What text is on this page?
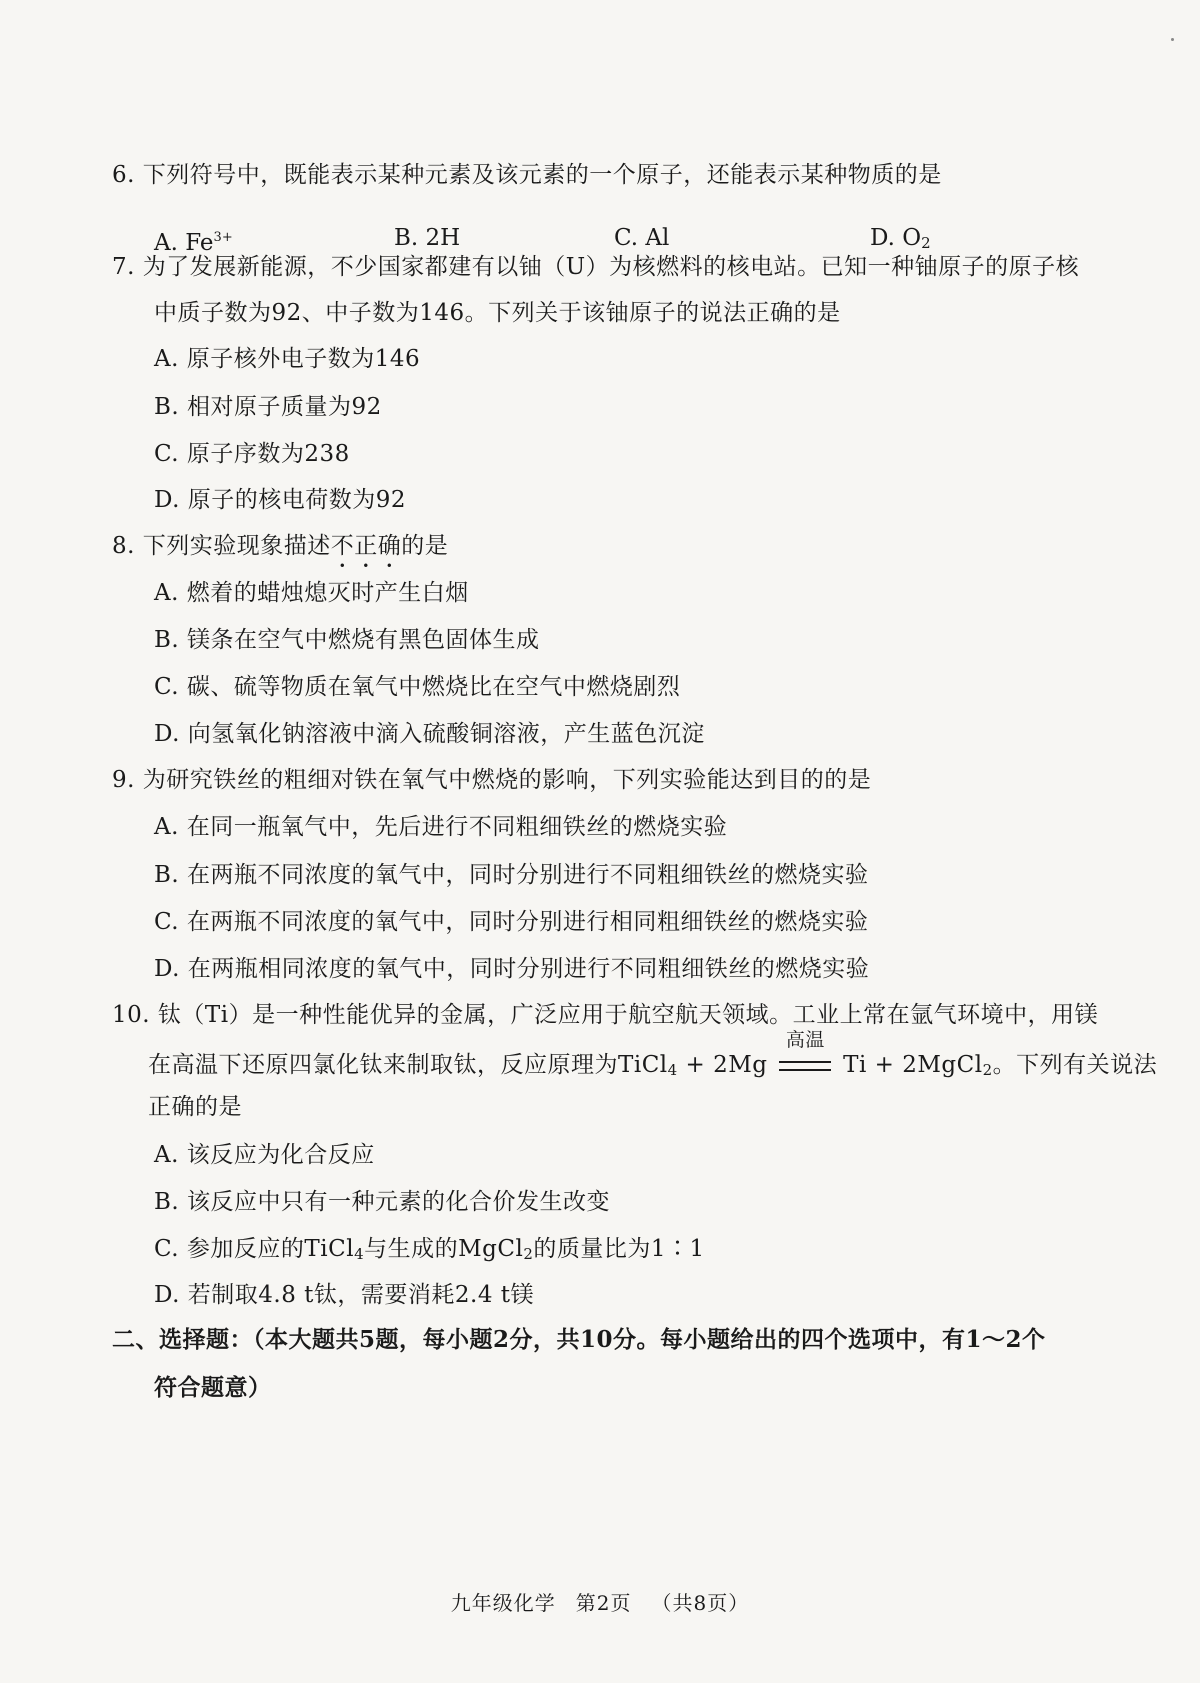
6. 下列符号中，既能表示某种元素及该元素的一个原子，还能表示某种物质的是
A. $Fe^{3+}$	B. 2H	C. Al	D. $O_2$
7. 为了发展新能源，不少国家都建有以铀（U）为核燃料的核电站。已知一种铀原子的原子核
中质子数为92、中子数为146。下列关于该铀原子的说法正确的是
A. 原子核外电子数为146
B. 相对原子质量为92
C. 原子序数为238
D. 原子的核电荷数为92
8. 下列实验现象描述不正确的是
A. 燃着的蜡烛熄灭时产生白烟
B. 镁条在空气中燃烧有黑色固体生成
C. 碳、硫等物质在氧气中燃烧比在空气中燃烧剧烈
D. 向氢氧化钠溶液中滴入硫酸铜溶液，产生蓝色沉淀
9. 为研究铁丝的粗细对铁在氧气中燃烧的影响，下列实验能达到目的的是
A. 在同一瓶氧气中，先后进行不同粗细铁丝的燃烧实验
B. 在两瓶不同浓度的氧气中，同时分别进行不同粗细铁丝的燃烧实验
C. 在两瓶不同浓度的氧气中，同时分别进行相同粗细铁丝的燃烧实验
D. 在两瓶相同浓度的氧气中，同时分别进行不同粗细铁丝的燃烧实验
10. 钛（Ti）是一种性能优异的金属，广泛应用于航空航天领域。工业上常在氩气环境中，用镁
在高温下还原四氯化钛来制取钛，反应原理为TiCl$_4$ + 2Mg
高温
Ti + 2MgCl$_2$。下列有关说法
正确的是
A. 该反应为化合反应
B. 该反应中只有一种元素的化合价发生改变
C. 参加反应的TiCl$_4$与生成的MgCl$_2$的质量比为1∶1
D. 若制取4.8 t钛，需要消耗2.4 t镁
二、选择题：（本大题共5题，每小题2分，共10分。每小题给出的四个选项中，有1～2个
符合题意）
九年级化学 第2页 （共8页）
